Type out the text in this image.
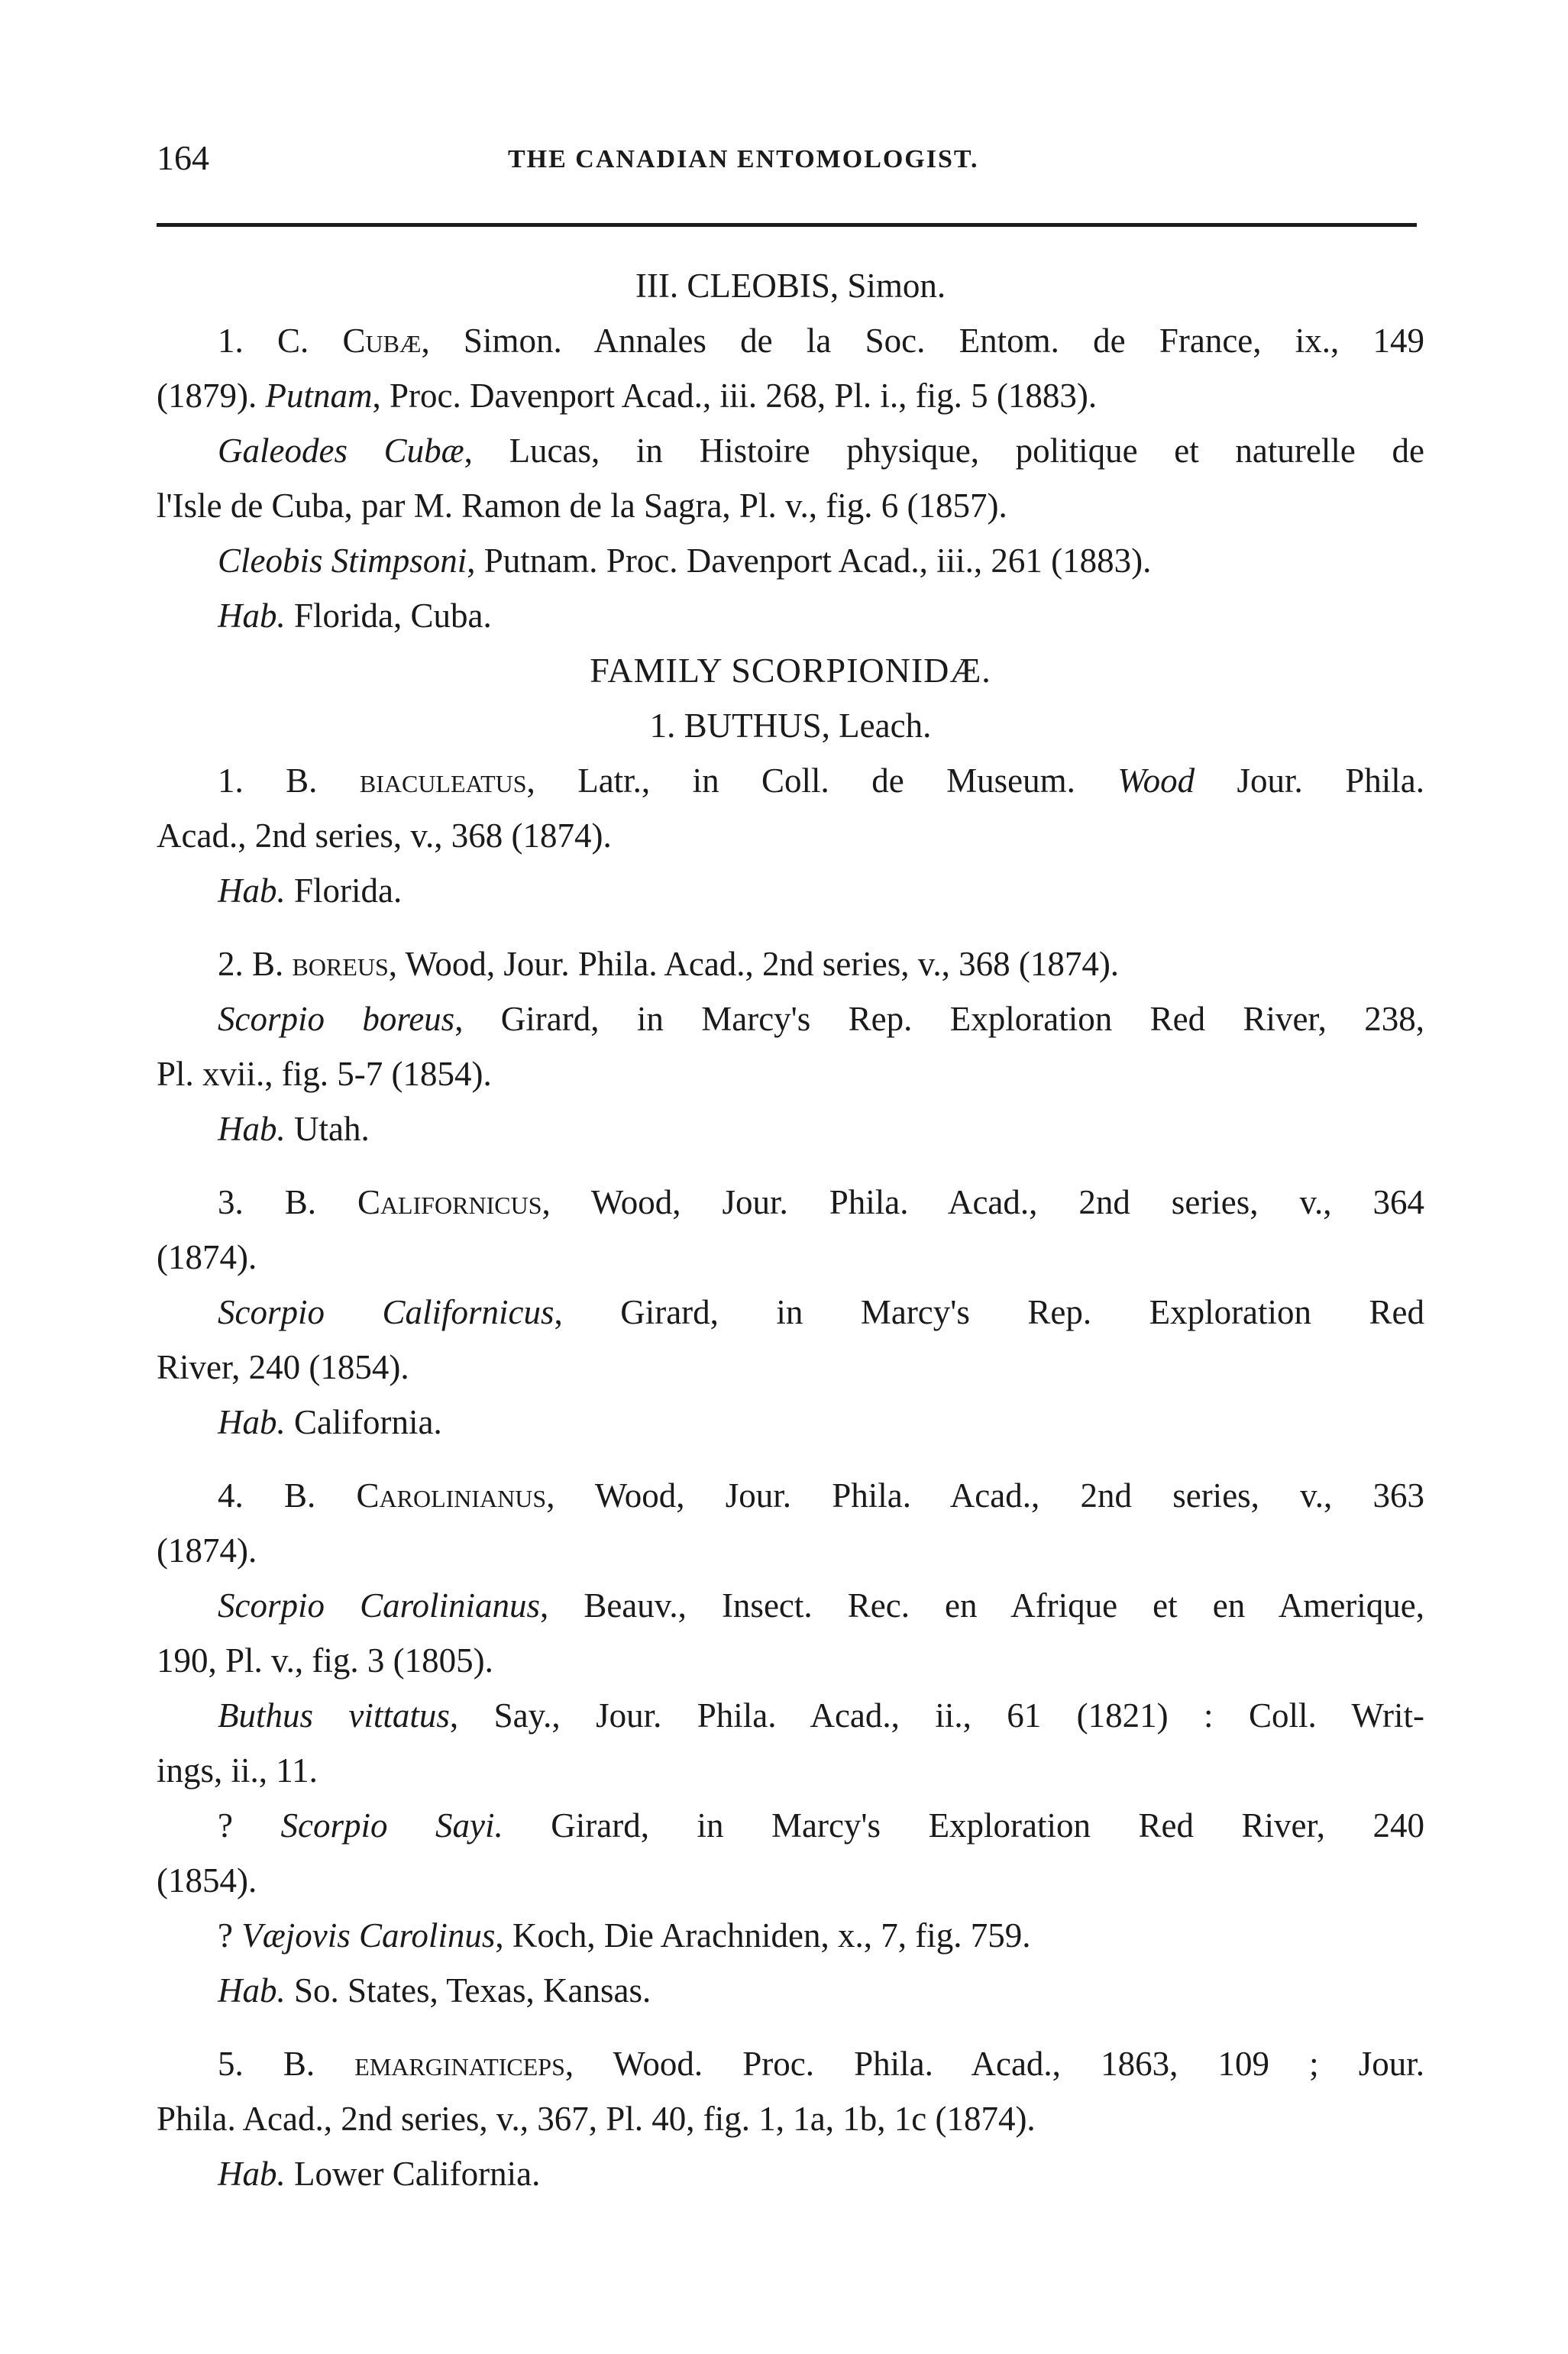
164	THE CANADIAN ENTOMOLOGIST.
III. CLEOBIS, Simon.
1. C. Cubæ, Simon. Annales de la Soc. Entom. de France, ix., 149
(1879). Putnam, Proc. Davenport Acad., iii. 268, Pl. i., fig. 5 (1883).
Galeodes Cubæ, Lucas, in Histoire physique, politique et naturelle de
l'Isle de Cuba, par M. Ramon de la Sagra, Pl. v., fig. 6 (1857).
Cleobis Stimpsoni, Putnam. Proc. Davenport Acad., iii., 261 (1883).
Hab. Florida, Cuba.
FAMILY SCORPIONIDÆ.
1. BUTHUS, Leach.
1. B. biaculeatus, Latr., in Coll. de Museum. Wood Jour. Phila.
Acad., 2nd series, v., 368 (1874).
Hab. Florida.
2. B. boreus, Wood, Jour. Phila. Acad., 2nd series, v., 368 (1874).
Scorpio boreus, Girard, in Marcy's Rep. Exploration Red River, 238,
Pl. xvii., fig. 5-7 (1854).
Hab. Utah.
3. B. Californicus, Wood, Jour. Phila. Acad., 2nd series, v., 364
(1874).
Scorpio Californicus, Girard, in Marcy's Rep. Exploration Red
River, 240 (1854).
Hab. California.
4. B. Carolinianus, Wood, Jour. Phila. Acad., 2nd series, v., 363
(1874).
Scorpio Carolinianus, Beauv., Insect. Rec. en Afrique et en Amerique,
190, Pl. v., fig. 3 (1805).
Buthus vittatus, Say., Jour. Phila. Acad., ii., 61 (1821) : Coll. Writ-
ings, ii., 11.
? Scorpio Sayi. Girard, in Marcy's Exploration Red River, 240
(1854).
? Væjovis Carolinus, Koch, Die Arachniden, x., 7, fig. 759.
Hab. So. States, Texas, Kansas.
5. B. emarginaticeps, Wood. Proc. Phila. Acad., 1863, 109 ; Jour.
Phila. Acad., 2nd series, v., 367, Pl. 40, fig. 1, 1a, 1b, 1c (1874).
Hab. Lower California.
